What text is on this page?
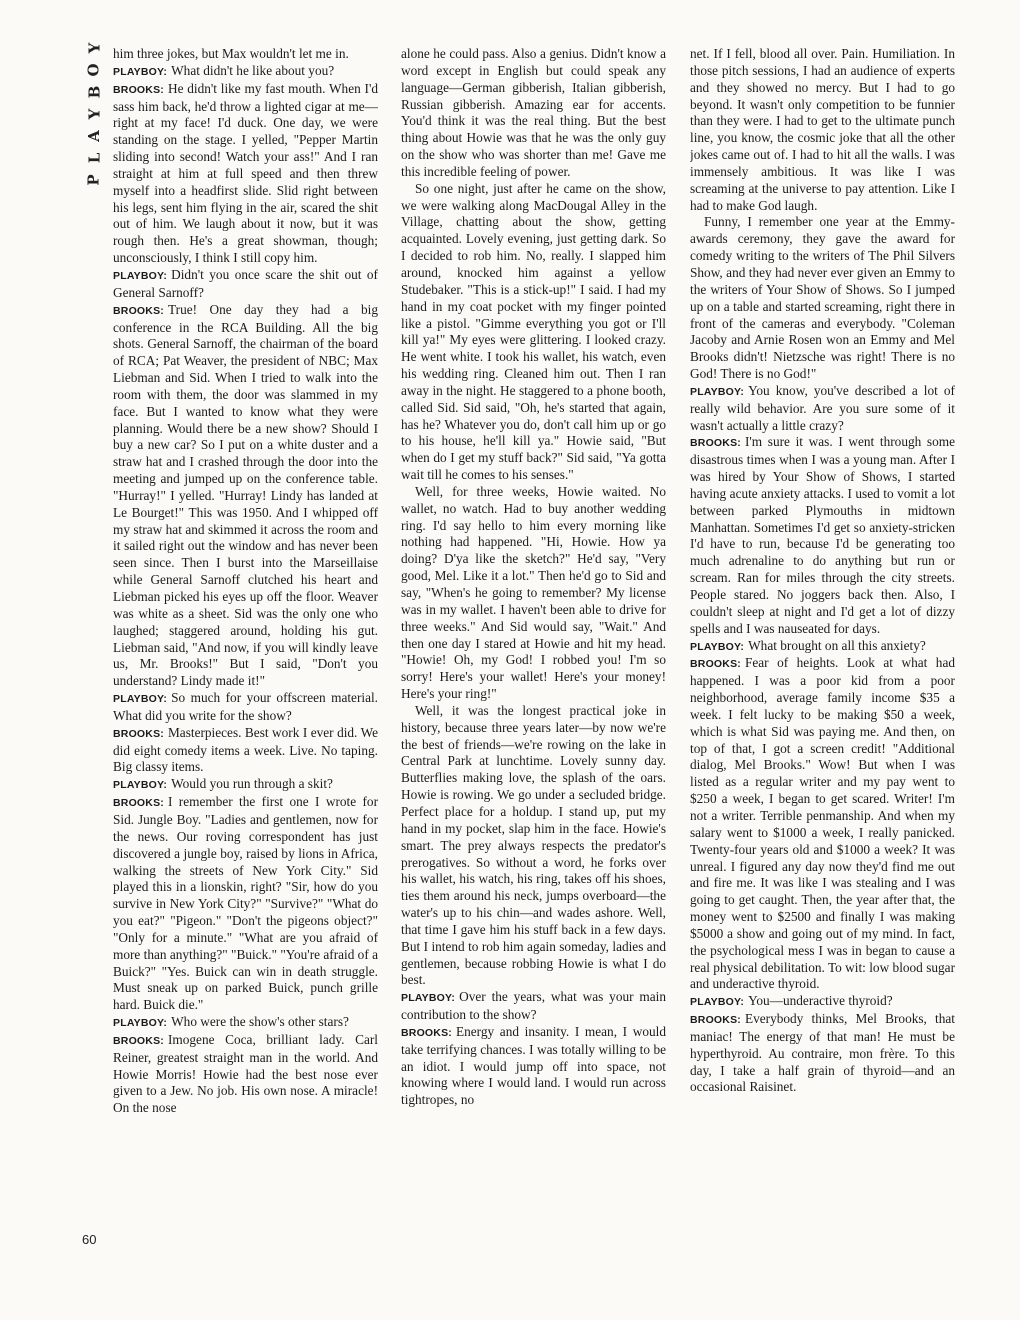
Y
O
B
Y
A
L
P

him three jokes, but Max wouldn't let me in.

PLAYBOY: What didn't he like about you?

BROOKS: He didn't like my fast mouth. When I'd sass him back, he'd throw a lighted cigar at me—right at my face! I'd duck. One day, we were standing on the stage. I yelled, "Pepper Martin sliding into second! Watch your ass!" And I ran straight at him at full speed and then threw myself into a headfirst slide. Slid right between his legs, sent him flying in the air, scared the shit out of him. We laugh about it now, but it was rough then. He's a great showman, though; unconsciously, I think I still copy him.

PLAYBOY: Didn't you once scare the shit out of General Sarnoff?

BROOKS: True! One day they had a big conference in the RCA Building. All the big shots. General Sarnoff, the chairman of the board of RCA; Pat Weaver, the president of NBC; Max Liebman and Sid. When I tried to walk into the room with them, the door was slammed in my face. But I wanted to know what they were planning. Would there be a new show? Should I buy a new car? So I put on a white duster and a straw hat and I crashed through the door into the meeting and jumped up on the conference table. "Hurray!" I yelled. "Hurray! Lindy has landed at Le Bourget!" This was 1950. And I whipped off my straw hat and skimmed it across the room and it sailed right out the window and has never been seen since. Then I burst into the Marseillaise while General Sarnoff clutched his heart and Liebman picked his eyes up off the floor. Weaver was white as a sheet. Sid was the only one who laughed; staggered around, holding his gut. Liebman said, "And now, if you will kindly leave us, Mr. Brooks!" But I said, "Don't you understand? Lindy made it!"

PLAYBOY: So much for your offscreen material. What did you write for the show?

BROOKS: Masterpieces. Best work I ever did. We did eight comedy items a week. Live. No taping. Big classy items.

PLAYBOY: Would you run through a skit?

BROOKS: I remember the first one I wrote for Sid. Jungle Boy. "Ladies and gentlemen, now for the news. Our roving correspondent has just discovered a jungle boy, raised by lions in Africa, walking the streets of New York City." Sid played this in a lionskin, right? "Sir, how do you survive in New York City?" "Survive?" "What do you eat?" "Pigeon." "Don't the pigeons object?" "Only for a minute." "What are you afraid of more than anything?" "Buick." "You're afraid of a Buick?" "Yes. Buick can win in death struggle. Must sneak up on parked Buick, punch grille hard. Buick die."

PLAYBOY: Who were the show's other stars?

BROOKS: Imogene Coca, brilliant lady. Carl Reiner, greatest straight man in the world. And Howie Morris! Howie had the best nose ever given to a Jew. No job. His own nose. A miracle! On the nose

alone he could pass. Also a genius. Didn't know a word except in English but could speak any language—German gibberish, Italian gibberish, Russian gibberish. Amazing ear for accents. You'd think it was the real thing. But the best thing about Howie was that he was the only guy on the show who was shorter than me! Gave me this incredible feeling of power.

So one night, just after he came on the show, we were walking along MacDougal Alley in the Village, chatting about the show, getting acquainted. Lovely evening, just getting dark. So I decided to rob him. No, really. I slapped him around, knocked him against a yellow Studebaker. "This is a stick-up!" I said. I had my hand in my coat pocket with my finger pointed like a pistol. "Gimme everything you got or I'll kill ya!" My eyes were glittering. I looked crazy. He went white. I took his wallet, his watch, even his wedding ring. Cleaned him out. Then I ran away in the night. He staggered to a phone booth, called Sid. Sid said, "Oh, he's started that again, has he? Whatever you do, don't call him up or go to his house, he'll kill ya." Howie said, "But when do I get my stuff back?" Sid said, "Ya gotta wait till he comes to his senses."

Well, for three weeks, Howie waited. No wallet, no watch. Had to buy another wedding ring. I'd say hello to him every morning like nothing had happened. "Hi, Howie. How ya doing? D'ya like the sketch?" He'd say, "Very good, Mel. Like it a lot." Then he'd go to Sid and say, "When's he going to remember? My license was in my wallet. I haven't been able to drive for three weeks." And Sid would say, "Wait." And then one day I stared at Howie and hit my head. "Howie! Oh, my God! I robbed you! I'm so sorry! Here's your wallet! Here's your money! Here's your ring!"

Well, it was the longest practical joke in history, because three years later—by now we're the best of friends—we're rowing on the lake in Central Park at lunchtime. Lovely sunny day. Butterflies making love, the splash of the oars. Howie is rowing. We go under a secluded bridge. Perfect place for a holdup. I stand up, put my hand in my pocket, slap him in the face. Howie's smart. The prey always respects the predator's prerogatives. So without a word, he forks over his wallet, his watch, his ring, takes off his shoes, ties them around his neck, jumps overboard—the water's up to his chin—and wades ashore. Well, that time I gave him his stuff back in a few days. But I intend to rob him again someday, ladies and gentlemen, because robbing Howie is what I do best.

PLAYBOY: Over the years, what was your main contribution to the show?

BROOKS: Energy and insanity. I mean, I would take terrifying chances. I was totally willing to be an idiot. I would jump off into space, not knowing where I would land. I would run across tightropes, no

net. If I fell, blood all over. Pain. Humiliation. In those pitch sessions, I had an audience of experts and they showed no mercy. But I had to go beyond. It wasn't only competition to be funnier than they were. I had to get to the ultimate punch line, you know, the cosmic joke that all the other jokes came out of. I had to hit all the walls. I was immensely ambitious. It was like I was screaming at the universe to pay attention. Like I had to make God laugh.

Funny, I remember one year at the Emmy-awards ceremony, they gave the award for comedy writing to the writers of The Phil Silvers Show, and they had never ever given an Emmy to the writers of Your Show of Shows. So I jumped up on a table and started screaming, right there in front of the cameras and everybody. "Coleman Jacoby and Arnie Rosen won an Emmy and Mel Brooks didn't! Nietzsche was right! There is no God! There is no God!"

PLAYBOY: You know, you've described a lot of really wild behavior. Are you sure some of it wasn't actually a little crazy?

BROOKS: I'm sure it was. I went through some disastrous times when I was a young man. After I was hired by Your Show of Shows, I started having acute anxiety attacks. I used to vomit a lot between parked Plymouths in midtown Manhattan. Sometimes I'd get so anxiety-stricken I'd have to run, because I'd be generating too much adrenaline to do anything but run or scream. Ran for miles through the city streets. People stared. No joggers back then. Also, I couldn't sleep at night and I'd get a lot of dizzy spells and I was nauseated for days.

PLAYBOY: What brought on all this anxiety?

BROOKS: Fear of heights. Look at what had happened. I was a poor kid from a poor neighborhood, average family income $35 a week. I felt lucky to be making $50 a week, which is what Sid was paying me. And then, on top of that, I got a screen credit! "Additional dialog, Mel Brooks." Wow! But when I was listed as a regular writer and my pay went to $250 a week, I began to get scared. Writer! I'm not a writer. Terrible penmanship. And when my salary went to $1000 a week, I really panicked. Twenty-four years old and $1000 a week? It was unreal. I figured any day now they'd find me out and fire me. It was like I was stealing and I was going to get caught. Then, the year after that, the money went to $2500 and finally I was making $5000 a show and going out of my mind. In fact, the psychological mess I was in began to cause a real physical debilitation. To wit: low blood sugar and underactive thyroid.

PLAYBOY: You—underactive thyroid?

BROOKS: Everybody thinks, Mel Brooks, that maniac! The energy of that man! He must be hyperthyroid. Au contraire, mon frère. To this day, I take a half grain of thyroid—and an occasional Raisinet.

60
